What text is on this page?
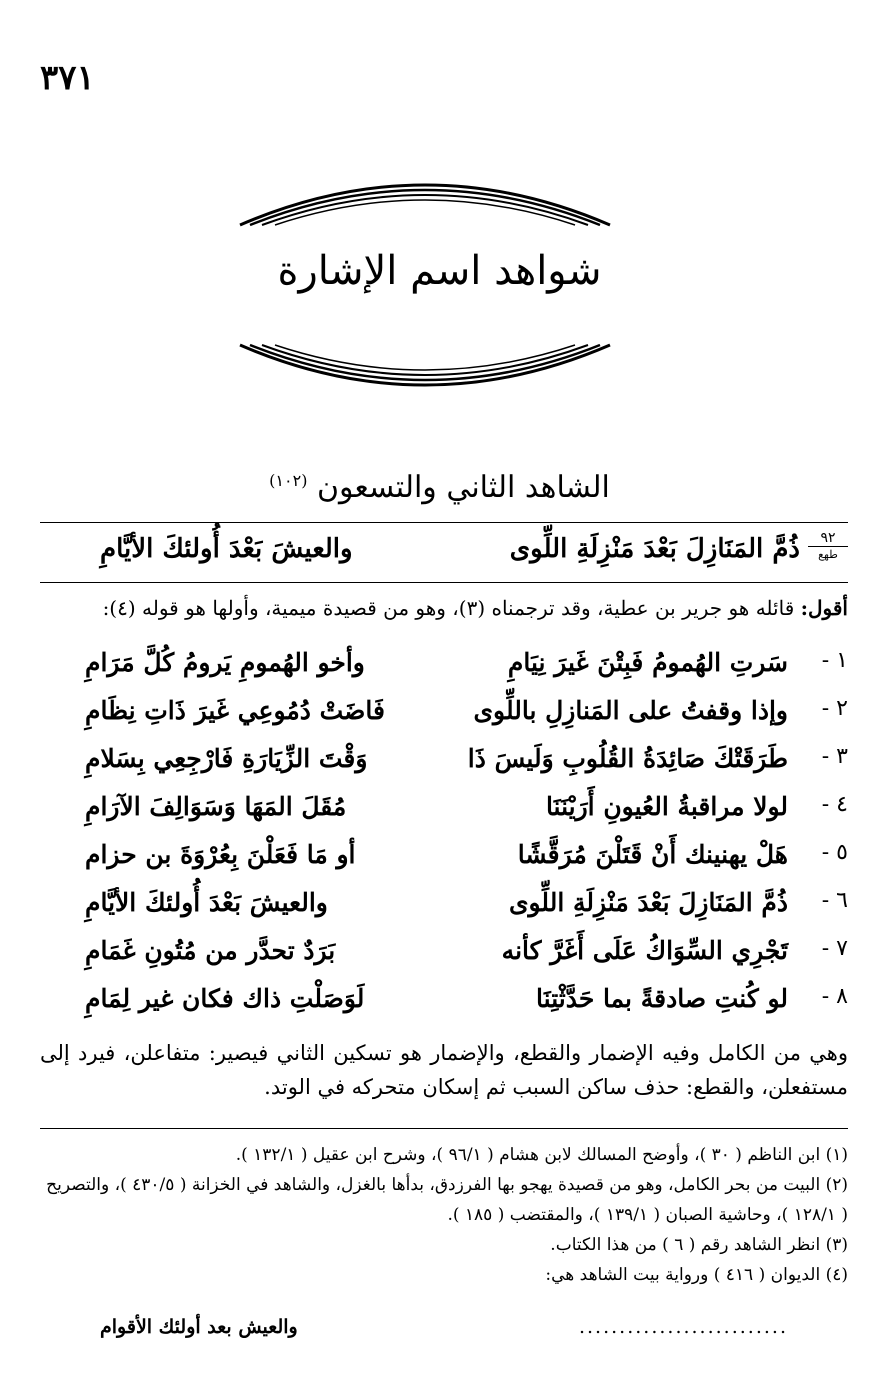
٣٧١
شواهد اسم الإشارة
الشاهد الثاني والتسعون $^{(١٠٢)}$
٩٢
طهع
ذُمَّ المَنَازِلَ بَعْدَ مَنْزِلَةِ اللِّوى
والعيشَ بَعْدَ أُولئكَ الأيَّامِ
أقول: قائله هو جرير بن عطية، وقد ترجمناه (٣)، وهو من قصيدة ميمية، وأولها هو قوله (٤):
١ -
سَرتِ الهُمومُ فَبِتْنَ غَيرَ نِيَامِ
وأخو الهُمومِ يَرومُ كُلَّ مَرَامِ
٢ -
وإذا وقفتُ على المَنازِلِ باللِّوى
فَاضَتْ دُمُوعِي غَيرَ ذَاتِ نِظَامِ
٣ -
طَرَقَتْكَ صَائِدَةُ القُلُوبِ وَلَيسَ ذَا
وَقْتَ الزِّيَارَةِ فَارْجِعِي بِسَلامِ
٤ -
لولا مراقبةُ العُيونِ أَرَيْنَنَا
مُقَلَ المَهَا وَسَوَالِفَ الآرَامِ
٥ -
هَلْ يهنينك أَنْ قَتَلْنَ مُرَقَّشًا
أو مَا فَعَلْنَ بِعُرْوَةَ بن حزام
٦ -
ذُمَّ المَنَازِلَ بَعْدَ مَنْزِلَةِ اللِّوى
والعيشَ بَعْدَ أُولئكَ الأيَّامِ
٧ -
تَجْرِي السِّوَاكُ عَلَى أَغَرَّ كأنه
بَرَدٌ تحدَّر من مُتُونِ غَمَامِ
٨ -
لو كُنتِ صادقةً بما حَدَّثْتِنَا
لَوَصَلْتِ ذاك فكان غير لِمَامِ
وهي من الكامل وفيه الإضمار والقطع، والإضمار هو تسكين الثاني فيصير: متفاعلن، فيرد إلى مستفعلن، والقطع: حذف ساكن السبب ثم إسكان متحركه في الوتد.

(١) ابن الناظم ( ٣٠ )، وأوضح المسالك لابن هشام ( ٩٦/١ )، وشرح ابن عقيل ( ١٣٢/١ ).

(٢) البيت من بحر الكامل، وهو من قصيدة يهجو بها الفرزدق، بدأها بالغزل، والشاهد في الخزانة ( ٤٣٠/٥ )، والتصريح ( ١٢٨/١ )، وحاشية الصبان ( ١٣٩/١ )، والمقتضب ( ١٨٥ ).

(٣) انظر الشاهد رقم ( ٦ ) من هذا الكتاب.

(٤) الديوان ( ٤١٦ ) ورواية بيت الشاهد هي:

..........................
والعيش بعد أولئك الأقوام
